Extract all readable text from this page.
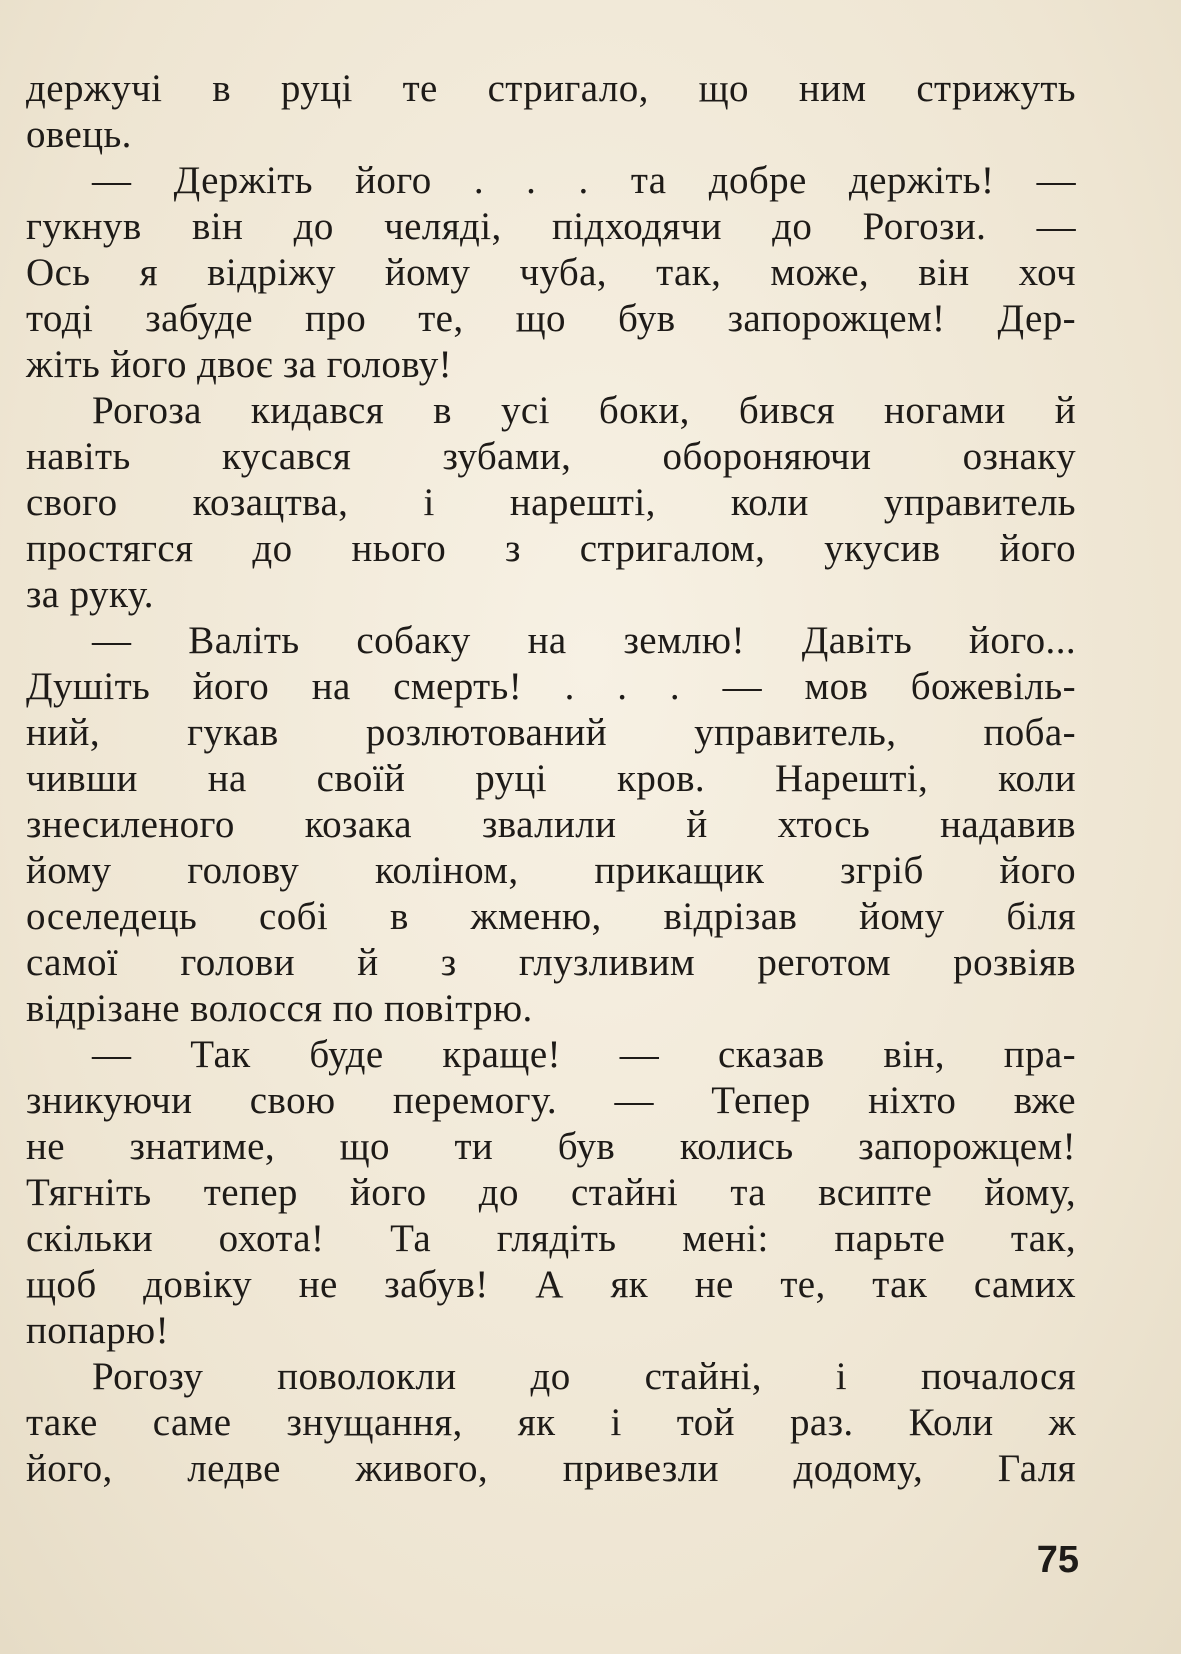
держучі в руці те стригало, що ним стрижуть
овець.
— Держіть його . . . та добре держіть! —
гукнув він до челяді, підходячи до Рогози. —
Ось я відріжу йому чуба, так, може, він хоч
тоді забуде про те, що був запорожцем! Дер-
жіть його двоє за голову!
Рогоза кидався в усі боки, бився ногами й
навіть кусався зубами, обороняючи ознаку
свого козацтва, і нарешті, коли управитель
простягся до нього з стригалом, укусив його
за руку.
— Валіть собаку на землю! Давіть його...
Душіть його на смерть! . . . — мов божевіль-
ний, гукав розлютований управитель, поба-
чивши на своїй руці кров. Нарешті, коли
знесиленого козака звалили й хтось надавив
йому голову коліном, прикащик згріб його
оселедець собі в жменю, відрізав йому біля
самої голови й з глузливим реготом розвіяв
відрізане волосся по повітрю.
— Так буде краще! — сказав він, пра-
зникуючи свою перемогу. — Тепер ніхто вже
не знатиме, що ти був колись запорожцем!
Тягніть тепер його до стайні та всипте йому,
скільки охота! Та глядіть мені: парьте так,
щоб довіку не забув! А як не те, так самих
попарю!
Рогозу поволокли до стайні, і почалося
таке саме знущання, як і той раз. Коли ж
його, ледве живого, привезли додому, Галя
75
